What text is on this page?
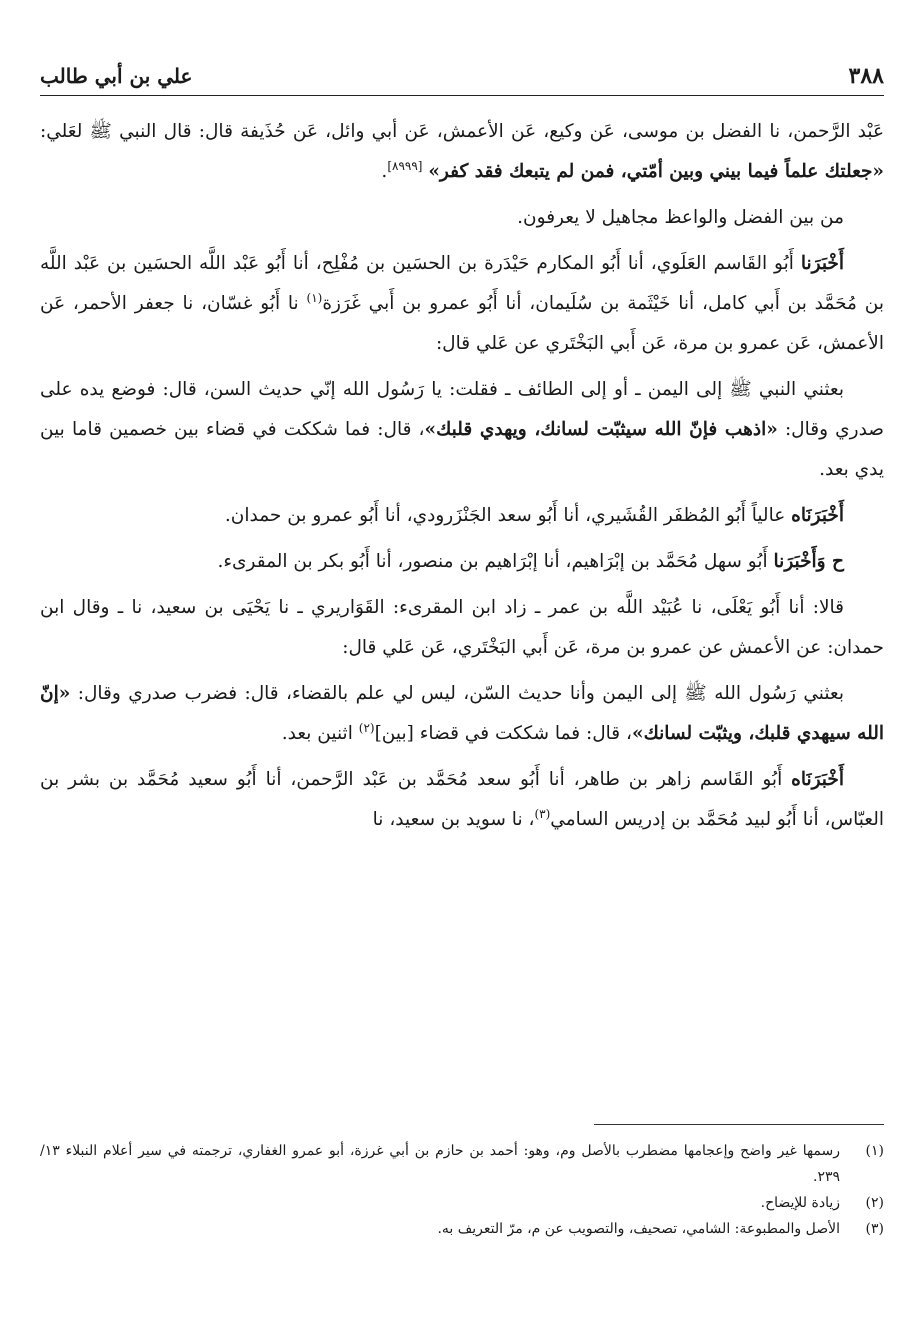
علي بن أبي طالب	٣٨٨

عَبْد الرَّحمن، نا الفضل بن موسى، عَن وكيع، عَن الأعمش، عَن أبي وائل، عَن حُذَيفة قال: قال النبي ﷺ لعَلي: «جعلتك علماً فيما بيني وبين أمّتي، فمن لم يتبعك فقد كفر» [٨٩٩٩].

من بين الفضل والواعظ مجاهيل لا يعرفون.

أَخْبَرَنا أَبُو القَاسم العَلَوي، أنا أَبُو المكارم حَيْدَرة بن الحسَين بن مُفْلِح، أنا أَبُو عَبْد اللَّه الحسَين بن عَبْد اللَّه بن مُحَمَّد بن أَبي كامل، أنا خَيْثَمة بن سُلَيمان، أنا أَبُو عمرو بن أَبي غَرَزة$^{(١)}$ نا أَبُو غسّان، نا جعفر الأحمر، عَن الأعمش، عَن عمرو بن مرة، عَن أَبي البَخْتَري عن عَلي قال:

بعثني النبي ﷺ إلى اليمن ـ أو إلى الطائف ـ فقلت: يا رَسُول الله إنّي حديث السن، قال: فوضع يده على صدري وقال: «اذهب فإنّ الله سيثبّت لسانك، ويهدي قلبك»، قال: فما شككت في قضاء بين خصمين قاما بين يدي بعد.

أَخْبَرَنَاه عالياً أَبُو المُظفَر القُشَيري، أنا أَبُو سعد الجَنْزَرودي، أنا أَبُو عمرو بن حمدان.

ح وَأَخْبَرَنا أَبُو سهل مُحَمَّد بن إبْرَاهيم، أنا إبْرَاهيم بن منصور، أنا أَبُو بكر بن المقرىء.

قالا: أنا أَبُو يَعْلَى، نا عُبَيْد اللَّه بن عمر ـ زاد ابن المقرىء: القَوَاريري ـ نا يَحْيَى بن سعيد، نا ـ وقال ابن حمدان: عن الأعمش عن عمرو بن مرة، عَن أَبي البَخْتَري، عَن عَلي قال:

بعثني رَسُول الله ﷺ إلى اليمن وأنا حديث السّن، ليس لي علم بالقضاء، قال: فضرب صدري وقال: «إنّ الله سيهدي قلبك، ويثبّت لسانك»، قال: فما شككت في قضاء [بين]$^{(٢)}$ اثنين بعد.

أَخْبَرَنَاه أَبُو القَاسم زاهر بن طاهر، أنا أَبُو سعد مُحَمَّد بن عَبْد الرَّحمن، أنا أَبُو سعيد مُحَمَّد بن بشر بن العبّاس، أنا أَبُو لبيد مُحَمَّد بن إدريس السامي$^{(٣)}$، نا سويد بن سعيد، نا

(١)
رسمها غير واضح وإعجامها مضطرب بالأصل وم، وهو: أحمد بن حازم بن أبي غرزة، أبو عمرو الغفاري، ترجمته في سير أعلام النبلاء ١٣/ ٢٣٩.
(٢)
زيادة للإيضاح.
(٣)
الأصل والمطبوعة: الشامي، تصحيف، والتصويب عن م، مرّ التعريف به.
